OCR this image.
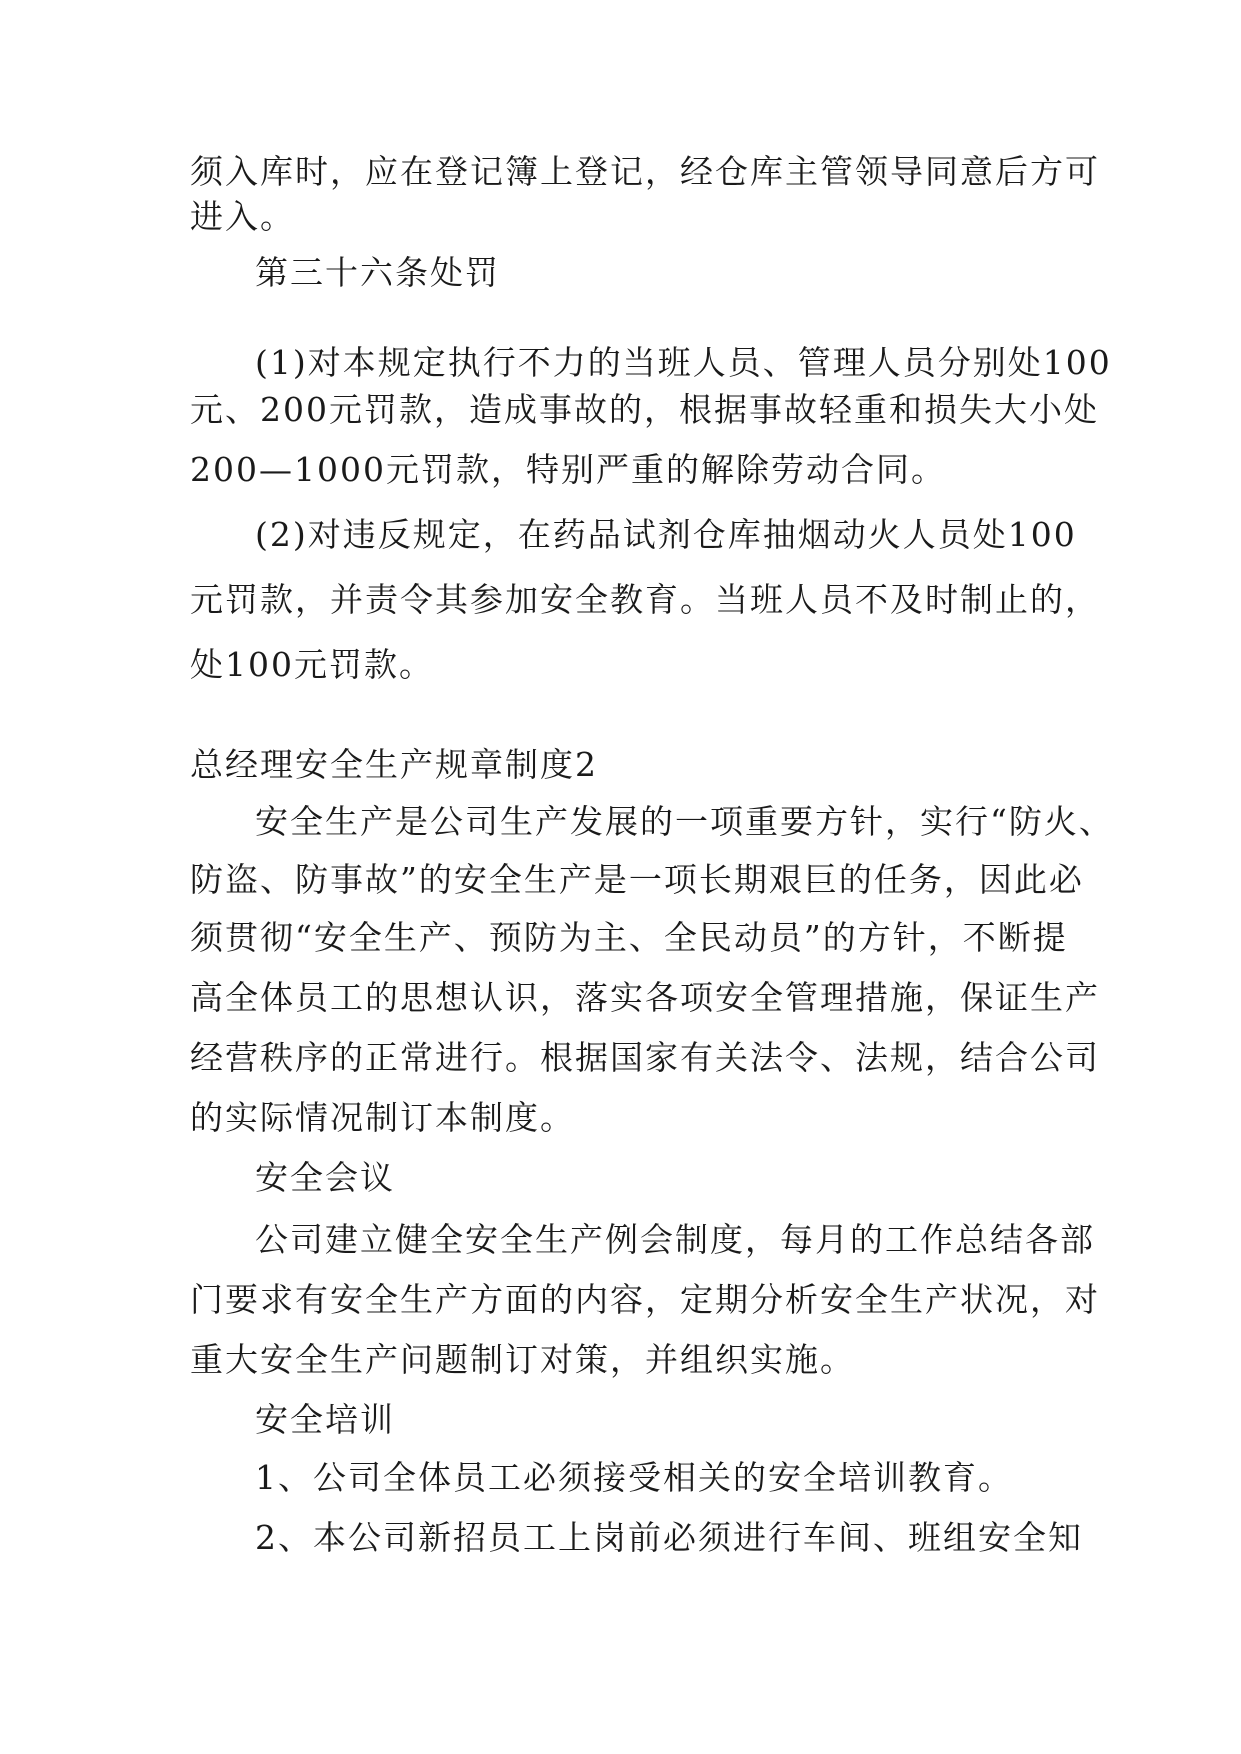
须入库时，应在登记簿上登记，经仓库主管领导同意后方可
进入。
第三十六条处罚
(1)对本规定执行不力的当班人员、管理人员分别处100
元、200元罚款，造成事故的，根据事故轻重和损失大小处
200—1000元罚款，特别严重的解除劳动合同。
(2)对违反规定，在药品试剂仓库抽烟动火人员处100
元罚款，并责令其参加安全教育。当班人员不及时制止的，
处100元罚款。
总经理安全生产规章制度2
安全生产是公司生产发展的一项重要方针，实行“防火、
防盗、防事故”的安全生产是一项长期艰巨的任务，因此必
须贯彻“安全生产、预防为主、全民动员”的方针，不断提
高全体员工的思想认识，落实各项安全管理措施，保证生产
经营秩序的正常进行。根据国家有关法令、法规，结合公司
的实际情况制订本制度。
安全会议
公司建立健全安全生产例会制度，每月的工作总结各部
门要求有安全生产方面的内容，定期分析安全生产状况，对
重大安全生产问题制订对策，并组织实施。
安全培训
1、公司全体员工必须接受相关的安全培训教育。
2、本公司新招员工上岗前必须进行车间、班组安全知
